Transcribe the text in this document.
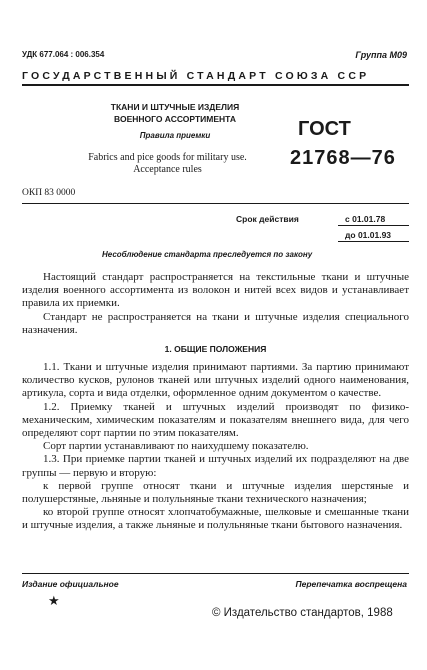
УДК 677.064 : 006.354	Группа М09
ГОСУДАРСТВЕННЫЙ СТАНДАРТ СОЮЗА ССР
ТКАНИ И ШТУЧНЫЕ ИЗДЕЛИЯ
ВОЕННОГО АССОРТИМЕНТА
Правила приемки
Fabrics and pice goods for military use.
Acceptance rules
ГОСТ
21768—76
ОКП 83 0000
Срок действия	с 01.01.78
до 01.01.93
Несоблюдение стандарта преследуется по закону

Настоящий стандарт распространяется на текстильные ткани и штучные изделия военного ассортимента из волокон и нитей всех видов и устанавливает правила их приемки.

Стандарт не распространяется на ткани и штучные изделия специального назначения.

1. ОБЩИЕ ПОЛОЖЕНИЯ

1.1. Ткани и штучные изделия принимают партиями. За партию принимают количество кусков, рулонов тканей или штучных изделий одного наименования, артикула, сорта и вида отделки, оформленное одним документом о качестве.

1.2. Приемку тканей и штучных изделий производят по физико-механическим, химическим показателям и показателям внешнего вида, для чего определяют сорт партии по этим показателям.

Сорт партии устанавливают по наихудшему показателю.

1.3. При приемке партии тканей и штучных изделий их подразделяют на две группы — первую и вторую:

к первой группе относят ткани и штучные изделия шерстяные и полушерстяные, льняные и полульняные ткани технического назначения;

ко второй группе относят хлопчатобумажные, шелковые и смешанные ткани и штучные изделия, а также льняные и полульняные ткани бытового назначения.

Издание официальное	Перепечатка воспрещена
★
© Издательство стандартов, 1988
